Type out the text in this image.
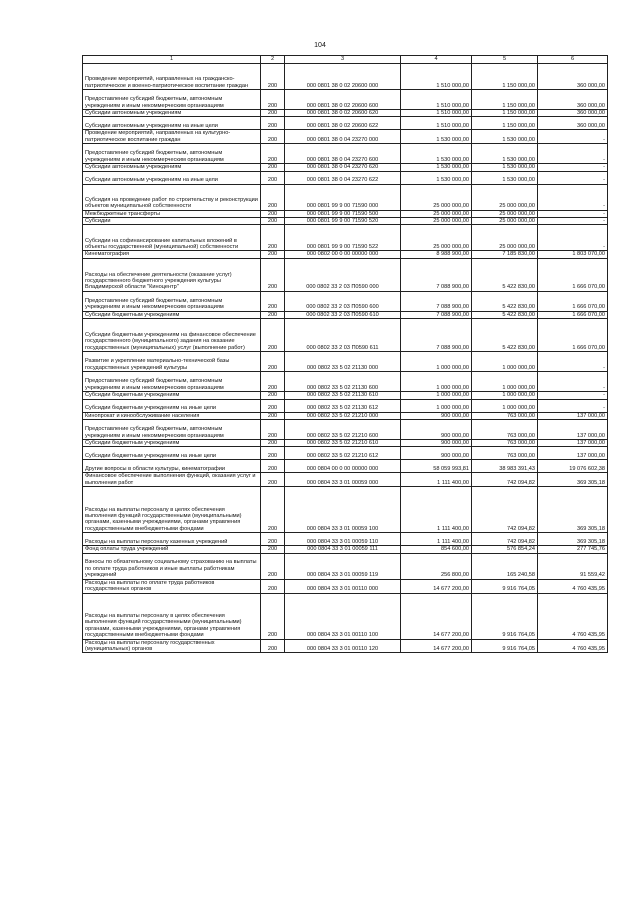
104
1	2	3	4	5	6
Проведение мероприятий, направленных на гражданско-патриотическое и военно-патриотическое воспитание граждан	200	000 0801 38 0 02 20600 000	1 510 000,00	1 150 000,00	360 000,00
Предоставление субсидий бюджетным, автономным учреждениям и иным некоммерческим организациям	200	000 0801 38 0 02 20600 600	1 510 000,00	1 150 000,00	360 000,00
Субсидии автономным учреждениям	200	000 0801 38 0 02 20600 620	1 510 000,00	1 150 000,00	360 000,00
Субсидии автономным учреждениям на иные цели	200	000 0801 38 0 02 20600 622	1 510 000,00	1 150 000,00	360 000,00
Проведение мероприятий, направленных на культурно-патриотическое воспитание граждан	200	000 0801 38 0 04 23270 000	1 530 000,00	1 530 000,00	-
Предоставление субсидий бюджетным, автономным учреждениям и иным некоммерческим организациям	200	000 0801 38 0 04 23270 600	1 530 000,00	1 530 000,00	-
Субсидии автономным учреждениям	200	000 0801 38 0 04 23270 620	1 530 000,00	1 530 000,00	-
Субсидии автономным учреждениям на иные цели	200	000 0801 38 0 04 23270 622	1 530 000,00	1 530 000,00	-
Субсидия на проведение работ по строительству и реконструкции объектов муниципальной собственности	200	000 0801 99 9 00 71590 000	25 000 000,00	25 000 000,00	-
Межбюджетные трансферты	200	000 0801 99 9 00 71590 500	25 000 000,00	25 000 000,00	-
Субсидии	200	000 0801 99 9 00 71590 520	25 000 000,00	25 000 000,00	-
Субсидии на софинансирование капитальных вложений в объекты государственной (муниципальной) собственности	200	000 0801 99 9 00 71590 522	25 000 000,00	25 000 000,00	-
Кинематография	200	000 0802 00 0 00 00000 000	8 988 900,00	7 185 830,00	1 803 070,00
Расходы на обеспечение деятельности (оказание услуг) государственного бюджетного учреждения культуры Владимирской области "Киноцентр"	200	000 0802 33 2 03 П0590 000	7 088 900,00	5 422 830,00	1 666 070,00
Предоставление субсидий бюджетным, автономным учреждениям и иным некоммерческим организациям	200	000 0802 33 2 03 П0590 600	7 088 900,00	5 422 830,00	1 666 070,00
Субсидии бюджетным учреждениям	200	000 0802 33 2 03 П0590 610	7 088 900,00	5 422 830,00	1 666 070,00
Субсидии бюджетным учреждениям на финансовое обеспечение государственного (муниципального) задания на оказание государственных (муниципальных) услуг (выполнение работ)	200	000 0802 33 2 03 П0590 611	7 088 900,00	5 422 830,00	1 666 070,00
Развитие и укрепление материально-технической базы государственных учреждений культуры	200	000 0802 33 5 02 21130 000	1 000 000,00	1 000 000,00	-
Предоставление субсидий бюджетным, автономным учреждениям и иным некоммерческим организациям	200	000 0802 33 5 02 21130 600	1 000 000,00	1 000 000,00	-
Субсидии бюджетным учреждениям	200	000 0802 33 5 02 21130 610	1 000 000,00	1 000 000,00	-
Субсидии бюджетным учреждениям на иные цели	200	000 0802 33 5 02 21130 612	1 000 000,00	1 000 000,00	-
Кинопрокат и кинообслуживание населения	200	000 0802 33 5 02 21210 000	900 000,00	763 000,00	137 000,00
Предоставление субсидий бюджетным, автономным учреждениям и иным некоммерческим организациям	200	000 0802 33 5 02 21210 600	900 000,00	763 000,00	137 000,00
Субсидии бюджетным учреждениям	200	000 0802 33 5 02 21210 610	900 000,00	763 000,00	137 000,00
Субсидии бюджетным учреждениям на иные цели	200	000 0802 33 5 02 21210 612	900 000,00	763 000,00	137 000,00
Другие вопросы в области культуры, кинематографии	200	000 0804 00 0 00 00000 000	58 059 993,81	38 983 391,43	19 076 602,38
Финансовое обеспечение выполнения функций, оказания услуг и выполнения работ	200	000 0804 33 3 01 00059 000	1 111 400,00	742 094,82	369 305,18
Расходы на выплаты персоналу в целях обеспечения выполнения функций государственными (муниципальными) органами, казенными учреждениями, органами управления государственными внебюджетными фондами	200	000 0804 33 3 01 00059 100	1 111 400,00	742 094,82	369 305,18
Расходы на выплаты персоналу казенных учреждений	200	000 0804 33 3 01 00059 110	1 111 400,00	742 094,82	369 305,18
Фонд оплаты труда учреждений	200	000 0804 33 3 01 00059 111	854 600,00	576 854,24	277 745,76
Взносы по обязательному социальному страхованию на выплаты по оплате труда работников и иные выплаты работникам учреждений	200	000 0804 33 3 01 00059 119	256 800,00	165 240,58	91 559,42
Расходы на выплаты по оплате труда работников государственных органов	200	000 0804 33 3 01 00110 000	14 677 200,00	9 916 764,05	4 760 435,95
Расходы на выплаты персоналу в целях обеспечения выполнения функций государственными (муниципальными) органами, казенными учреждениями, органами управления государственными внебюджетными фондами	200	000 0804 33 3 01 00110 100	14 677 200,00	9 916 764,05	4 760 435,95
Расходы на выплаты персоналу государственных (муниципальных) органов	200	000 0804 33 3 01 00110 120	14 677 200,00	9 916 764,05	4 760 435,95
